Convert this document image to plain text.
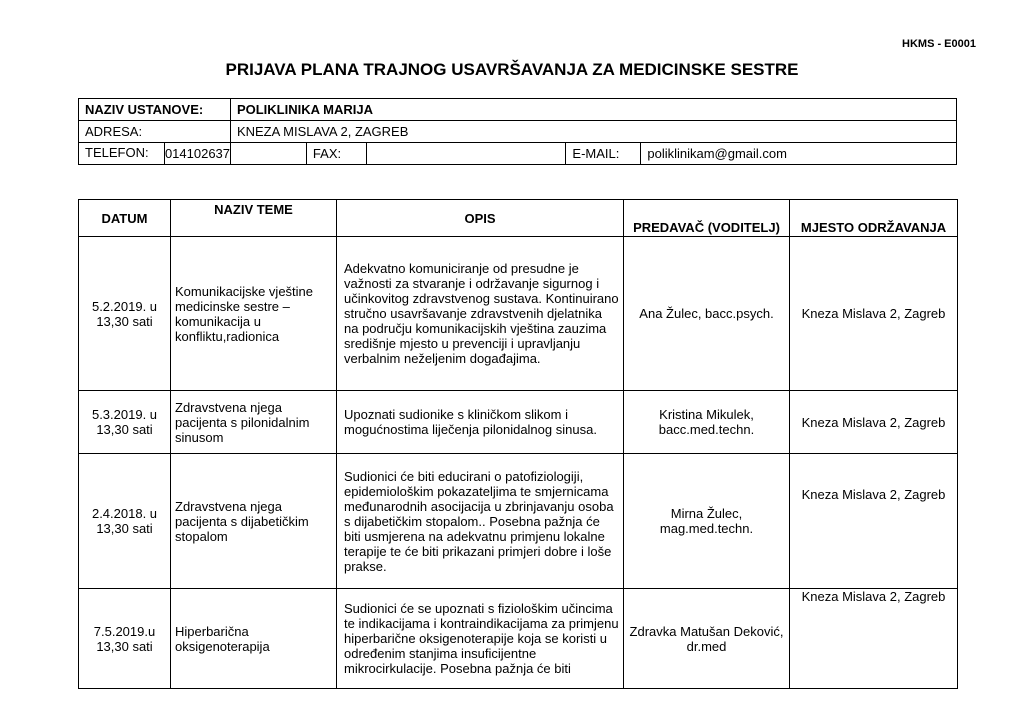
HKMS - E0001
PRIJAVA PLANA TRAJNOG USAVRŠAVANJA ZA MEDICINSKE SESTRE
NAZIV USTANOVE:	POLIKLINIKA MARIJA
ADRESA:	KNEZA MISLAVA 2, ZAGREB

TELEFON:	014102637	FAX:		E-MAIL:	poliklinikam@gmail.com
DATUM	NAZIV TEME	OPIS	PREDAVAČ (VODITELJ)	MJESTO ODRŽAVANJA
5.2.2019. u 13,30 sati	Komunikacijske vještine medicinske sestre – komunikacija u konfliktu,radionica	Adekvatno komuniciranje od presudne je važnosti za stvaranje i održavanje sigurnog i učinkovitog zdravstvenog sustava. Kontinuirano stručno usavršavanje zdravstvenih djelatnika na području komunikacijskih vještina zauzima središnje mjesto u prevenciji i upravljanju verbalnim neželjenim događajima.	Ana Žulec, bacc.psych.	Kneza Mislava 2, Zagreb
5.3.2019. u 13,30 sati	Zdravstvena njega pacijenta s pilonidalnim sinusom	Upoznati sudionike s kliničkom slikom i mogućnostima liječenja pilonidalnog sinusa.	Kristina Mikulek, bacc.med.techn.	Kneza Mislava 2, Zagreb
2.4.2018. u 13,30 sati	Zdravstvena njega pacijenta s dijabetičkim stopalom	Sudionici će biti educirani o patofiziologiji, epidemiološkim pokazateljima te smjernicama međunarodnih asocijacija u zbrinjavanju osoba s dijabetičkim stopalom.. Posebna pažnja će biti usmjerena na adekvatnu primjenu lokalne terapije te će biti prikazani primjeri dobre i loše prakse.	Mirna Žulec, mag.med.techn.	Kneza Mislava 2, Zagreb
7.5.2019.u 13,30 sati	Hiperbarična oksigenoterapija	Sudionici će se upoznati s fiziološkim učincima te indikacijama i kontraindikacijama za primjenu hiperbarične oksigenoterapije koja se koristi u određenim stanjima insuficijentne mikrocirkulacije. Posebna pažnja će biti	Zdravka Matušan Deković, dr.med	Kneza Mislava 2, Zagreb
